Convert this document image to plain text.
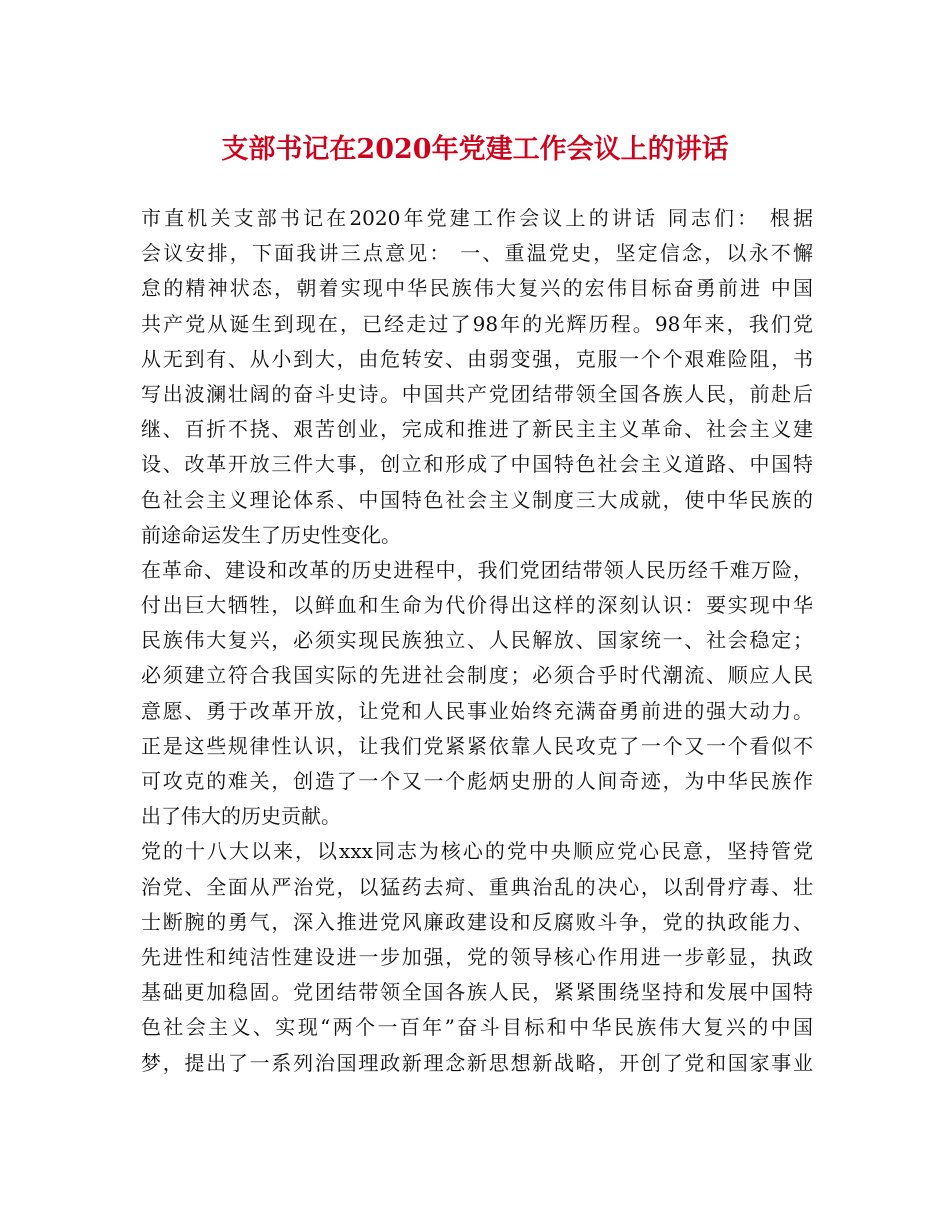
支部书记在2020年党建工作会议上的讲话
市直机关支部书记在2020年党建工作会议上的讲话 同志们： 根据
会议安排，下面我讲三点意见： 一、重温党史，坚定信念，以永不懈
怠的精神状态，朝着实现中华民族伟大复兴的宏伟目标奋勇前进 中国
共产党从诞生到现在，已经走过了98年的光辉历程。98年来，我们党
从无到有、从小到大，由危转安、由弱变强，克服一个个艰难险阻，书
写出波澜壮阔的奋斗史诗。中国共产党团结带领全国各族人民，前赴后
继、百折不挠、艰苦创业，完成和推进了新民主主义革命、社会主义建
设、改革开放三件大事，创立和形成了中国特色社会主义道路、中国特
色社会主义理论体系、中国特色社会主义制度三大成就，使中华民族的
前途命运发生了历史性变化。
在革命、建设和改革的历史进程中，我们党团结带领人民历经千难万险，
付出巨大牺牲，以鲜血和生命为代价得出这样的深刻认识：要实现中华
民族伟大复兴，必须实现民族独立、人民解放、国家统一、社会稳定；
必须建立符合我国实际的先进社会制度；必须合乎时代潮流、顺应人民
意愿、勇于改革开放，让党和人民事业始终充满奋勇前进的强大动力。
正是这些规律性认识，让我们党紧紧依靠人民攻克了一个又一个看似不
可攻克的难关，创造了一个又一个彪炳史册的人间奇迹，为中华民族作
出了伟大的历史贡献。
党的十八大以来，以xxx同志为核心的党中央顺应党心民意，坚持管党
治党、全面从严治党，以猛药去疴、重典治乱的决心，以刮骨疗毒、壮
士断腕的勇气，深入推进党风廉政建设和反腐败斗争，党的执政能力、
先进性和纯洁性建设进一步加强，党的领导核心作用进一步彰显，执政
基础更加稳固。党团结带领全国各族人民，紧紧围绕坚持和发展中国特
色社会主义、实现“两个一百年”奋斗目标和中华民族伟大复兴的中国
梦，提出了一系列治国理政新理念新思想新战略，开创了党和国家事业
